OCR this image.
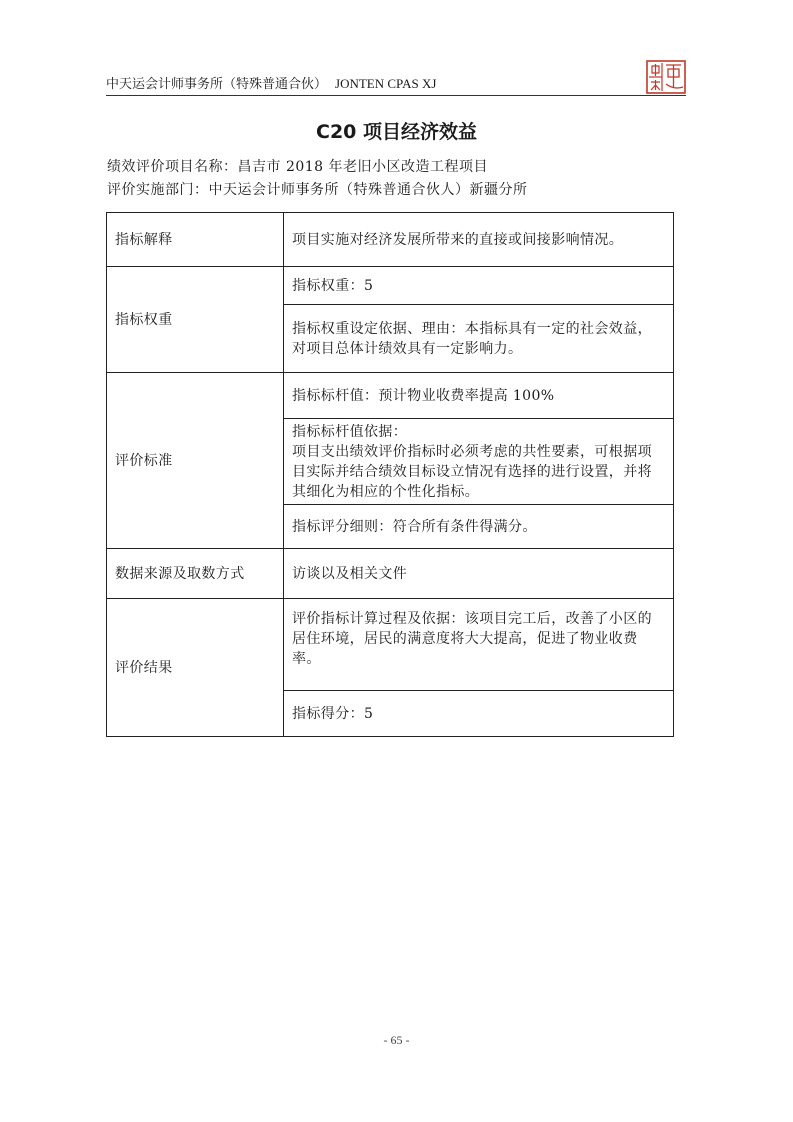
中天运会计师事务所（特殊普通合伙） JONTEN CPAS XJ
C20 项目经济效益
绩效评价项目名称：昌吉市 2018 年老旧小区改造工程项目
评价实施部门：中天运会计师事务所（特殊普通合伙人）新疆分所
指标解释	项目实施对经济发展所带来的直接或间接影响情况。
指标权重	指标权重：5
	指标权重设定依据、理由：本指标具有一定的社会效益，对项目总体计绩效具有一定影响力。
评价标准	指标标杆值：预计物业收费率提高 100%

	指标标杆值依据：
项目支出绩效评价指标时必须考虑的共性要素，可根据项目实际并结合绩效目标设立情况有选择的进行设置，并将其细化为相应的个性化指标。

	指标评分细则：符合所有条件得满分。
数据来源及取数方式	访谈以及相关文件
评价结果	评价指标计算过程及依据：该项目完工后，改善了小区的居住环境，居民的满意度将大大提高，促进了物业收费率。
	指标得分：5
- 65 -
